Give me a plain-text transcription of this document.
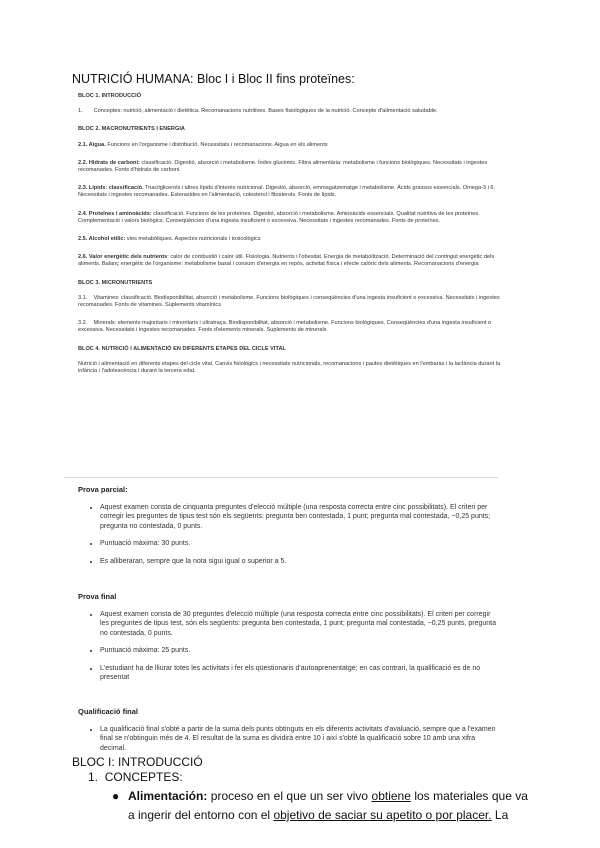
NUTRICIÓ HUMANA: Bloc I i Bloc II fins proteïnes:
BLOC 1. INTRODUCCIÓ
1. Conceptes: nutrició, alimentació i dietètica. Recomanacions nutritives. Bases fisiològiques de la nutrició. Concepte d'alimentació saludable.
BLOC 2. MACRONUTRIENTS I ENERGIA
2.1. Aigua. Funcions en l'organisme i distribució. Necessitats i recomanacions. Aigua en els aliments
2.2. Hidrats de carboni: classificació. Digestió, absorció i metabolisme. Índex glucèmic. Fibra alimentària: metabolisme i funcions biològiques. Necessitats i ingestes recomanades. Fonts d'hidrats de carboni.
2.3. Lípids: classificació. Triacilglicerols i altres lípids d'interès nutricional. Digestió, absorció, emmagatzematge i metabolisme. Àcids grassos essencials. Omega-3 i 6. Necessitats i ingestes recomanades. Esterasides en l'alimentació, colesterol i fitosterols. Fonts de lípids.
2.4. Proteïnes i aminoàcids: classificació. Funcions de les proteïnes. Digestió, absorció i metabolisme. Aminoàcids essencials. Qualitat nutritiva de les proteïnes. Complementació i valors biològics. Conseqüències d'una ingesta insuficient o excessiva. Necessitats i ingestes recomanades. Fonts de proteïnes.
2.5. Alcohol etílic: vies metabòliques. Aspectes nutricionals i toxicològics
2.6. Valor energètic dels nutrients: calor de combustió i calor útil. Fisiologia. Nutrients i l'obesitat. Energia de metabolització. Determinació del contingut energètic dels aliments. Balanç energètic de l'organisme: metabolisme basal i consum d'energia en repòs, activitat física i efecte calòric dels aliments. Recomanacions d'energia
BLOC 3. MICRONUTRIENTS
3.1. Vitamines: classificació. Biodisponibilitat, absorció i metabolisme. Funcions biològiques i conseqüències d'una ingesta insuficient o excessiva. Necessitats i ingestes recomanades. Fonts de vitamines. Suplements vitamínics
3.2. Minerals: elements majoritaris i minoritaris i ultratraça. Biodisponibilitat, absorció i metabolisme. Funcions biològiques. Conseqüències d'una ingesta insuficient o excessiva. Necessitats i ingestes recomanades. Fonts d'elements minerals. Suplements de minerals
BLOC 4. NUTRICIÓ I ALIMENTACIÓ EN DIFERENTS ETAPES DEL CICLE VITAL
Nutrició i alimentació en diferents etapes del cicle vital. Canvis fisiològics i necessitats nutricionals, recomanacions i pautes dietètiques en l'embaràs i la lactància durant la infància i l'adolescència i durant la tercera edat.
Prova parcial:
• Aquest examen consta de cinquanta preguntes d'elecció múltiple (una resposta correcta entre cinc possibilitats). El criteri per corregir les preguntes de tipus test són els següents: pregunta ben contestada, 1 punt; pregunta mal contestada, −0,25 punts; pregunta no contestada, 0 punts.
• Puntuació màxima: 30 punts.
• Es alliberaran, sempre que la nota sigui igual o superior a 5.
Prova final
• Aquest examen consta de 30 preguntes d'elecció múltiple (una resposta correcta entre cinc possibilitats). El criteri per corregir les preguntes de tipus test, són els següents: pregunta ben contestada, 1 punt; pregunta mal contestada, −0,25 punts, pregunta no contestada, 0 punts.
• Puntuació màxima: 25 punts.
• L'estudiant ha de lliurar totes les activitats i fer els qüestionaris d'autoaprenentatge; en cas contrari, la qualificació es de no presentat
Qualificació final
• La qualificació final s'obté a partir de la suma dels punts obtinguts en els diferents activitats d'avaluació, sempre que a l'examen final se n'obtinguin més de 4. El resultat de la suma es dividirà entre 10 i així s'obté la qualificació sobre 10 amb una xifra decimal.
BLOC I: INTRODUCCIÓ
1. CONCEPTES:
● Alimentación: proceso en el que un ser vivo obtiene los materiales que va a ingerir del entorno con el objetivo de saciar su apetito o por placer. La
